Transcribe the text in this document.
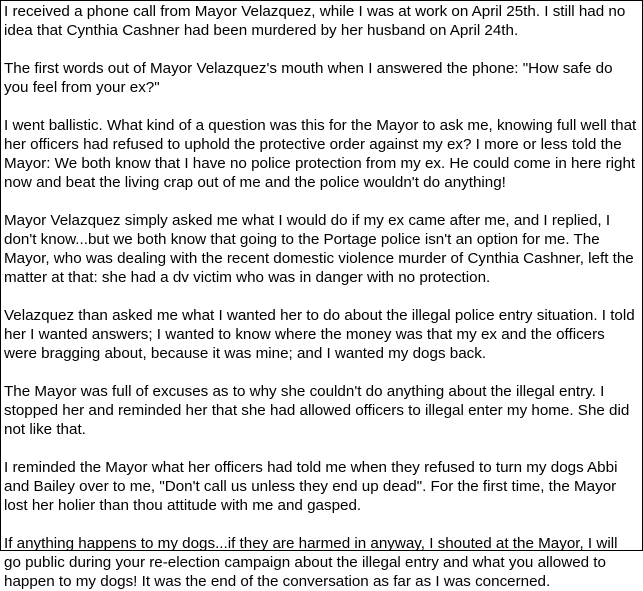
I received a phone call from Mayor Velazquez, while I was at work on April 25th. I still had no idea that Cynthia Cashner had been murdered by her husband on April 24th.

The first words out of Mayor Velazquez's mouth when I answered the phone: "How safe do you feel from your ex?"

I went ballistic. What kind of a question was this for the Mayor to ask me, knowing full well that her officers had refused to uphold the protective order against my ex? I more or less told the Mayor: We both know that I have no police protection from my ex. He could come in here right now and beat the living crap out of me and the police wouldn't do anything!

Mayor Velazquez simply asked me what I would do if my ex came after me, and I replied, I don't know...but we both know that going to the Portage police isn't an option for me. The Mayor, who was dealing with the recent domestic violence murder of Cynthia Cashner, left the matter at that: she had a dv victim who was in danger with no protection.

Velazquez than asked me what I wanted her to do about the illegal police entry situation. I told her I wanted answers; I wanted to know where the money was that my ex and the officers were bragging about, because it was mine; and I wanted my dogs back.

The Mayor was full of excuses as to why she couldn't do anything about the illegal entry. I stopped her and reminded her that she had allowed officers to illegal enter my home. She did not like that.

I reminded the Mayor what her officers had told me when they refused to turn my dogs Abbi and Bailey over to me, "Don't call us unless they end up dead". For the first time, the Mayor lost her holier than thou attitude with me and gasped.

If anything happens to my dogs...if they are harmed in anyway, I shouted at the Mayor, I will go public during your re-election campaign about the illegal entry and what you allowed to happen to my dogs! It was the end of the conversation as far as I was concerned.
